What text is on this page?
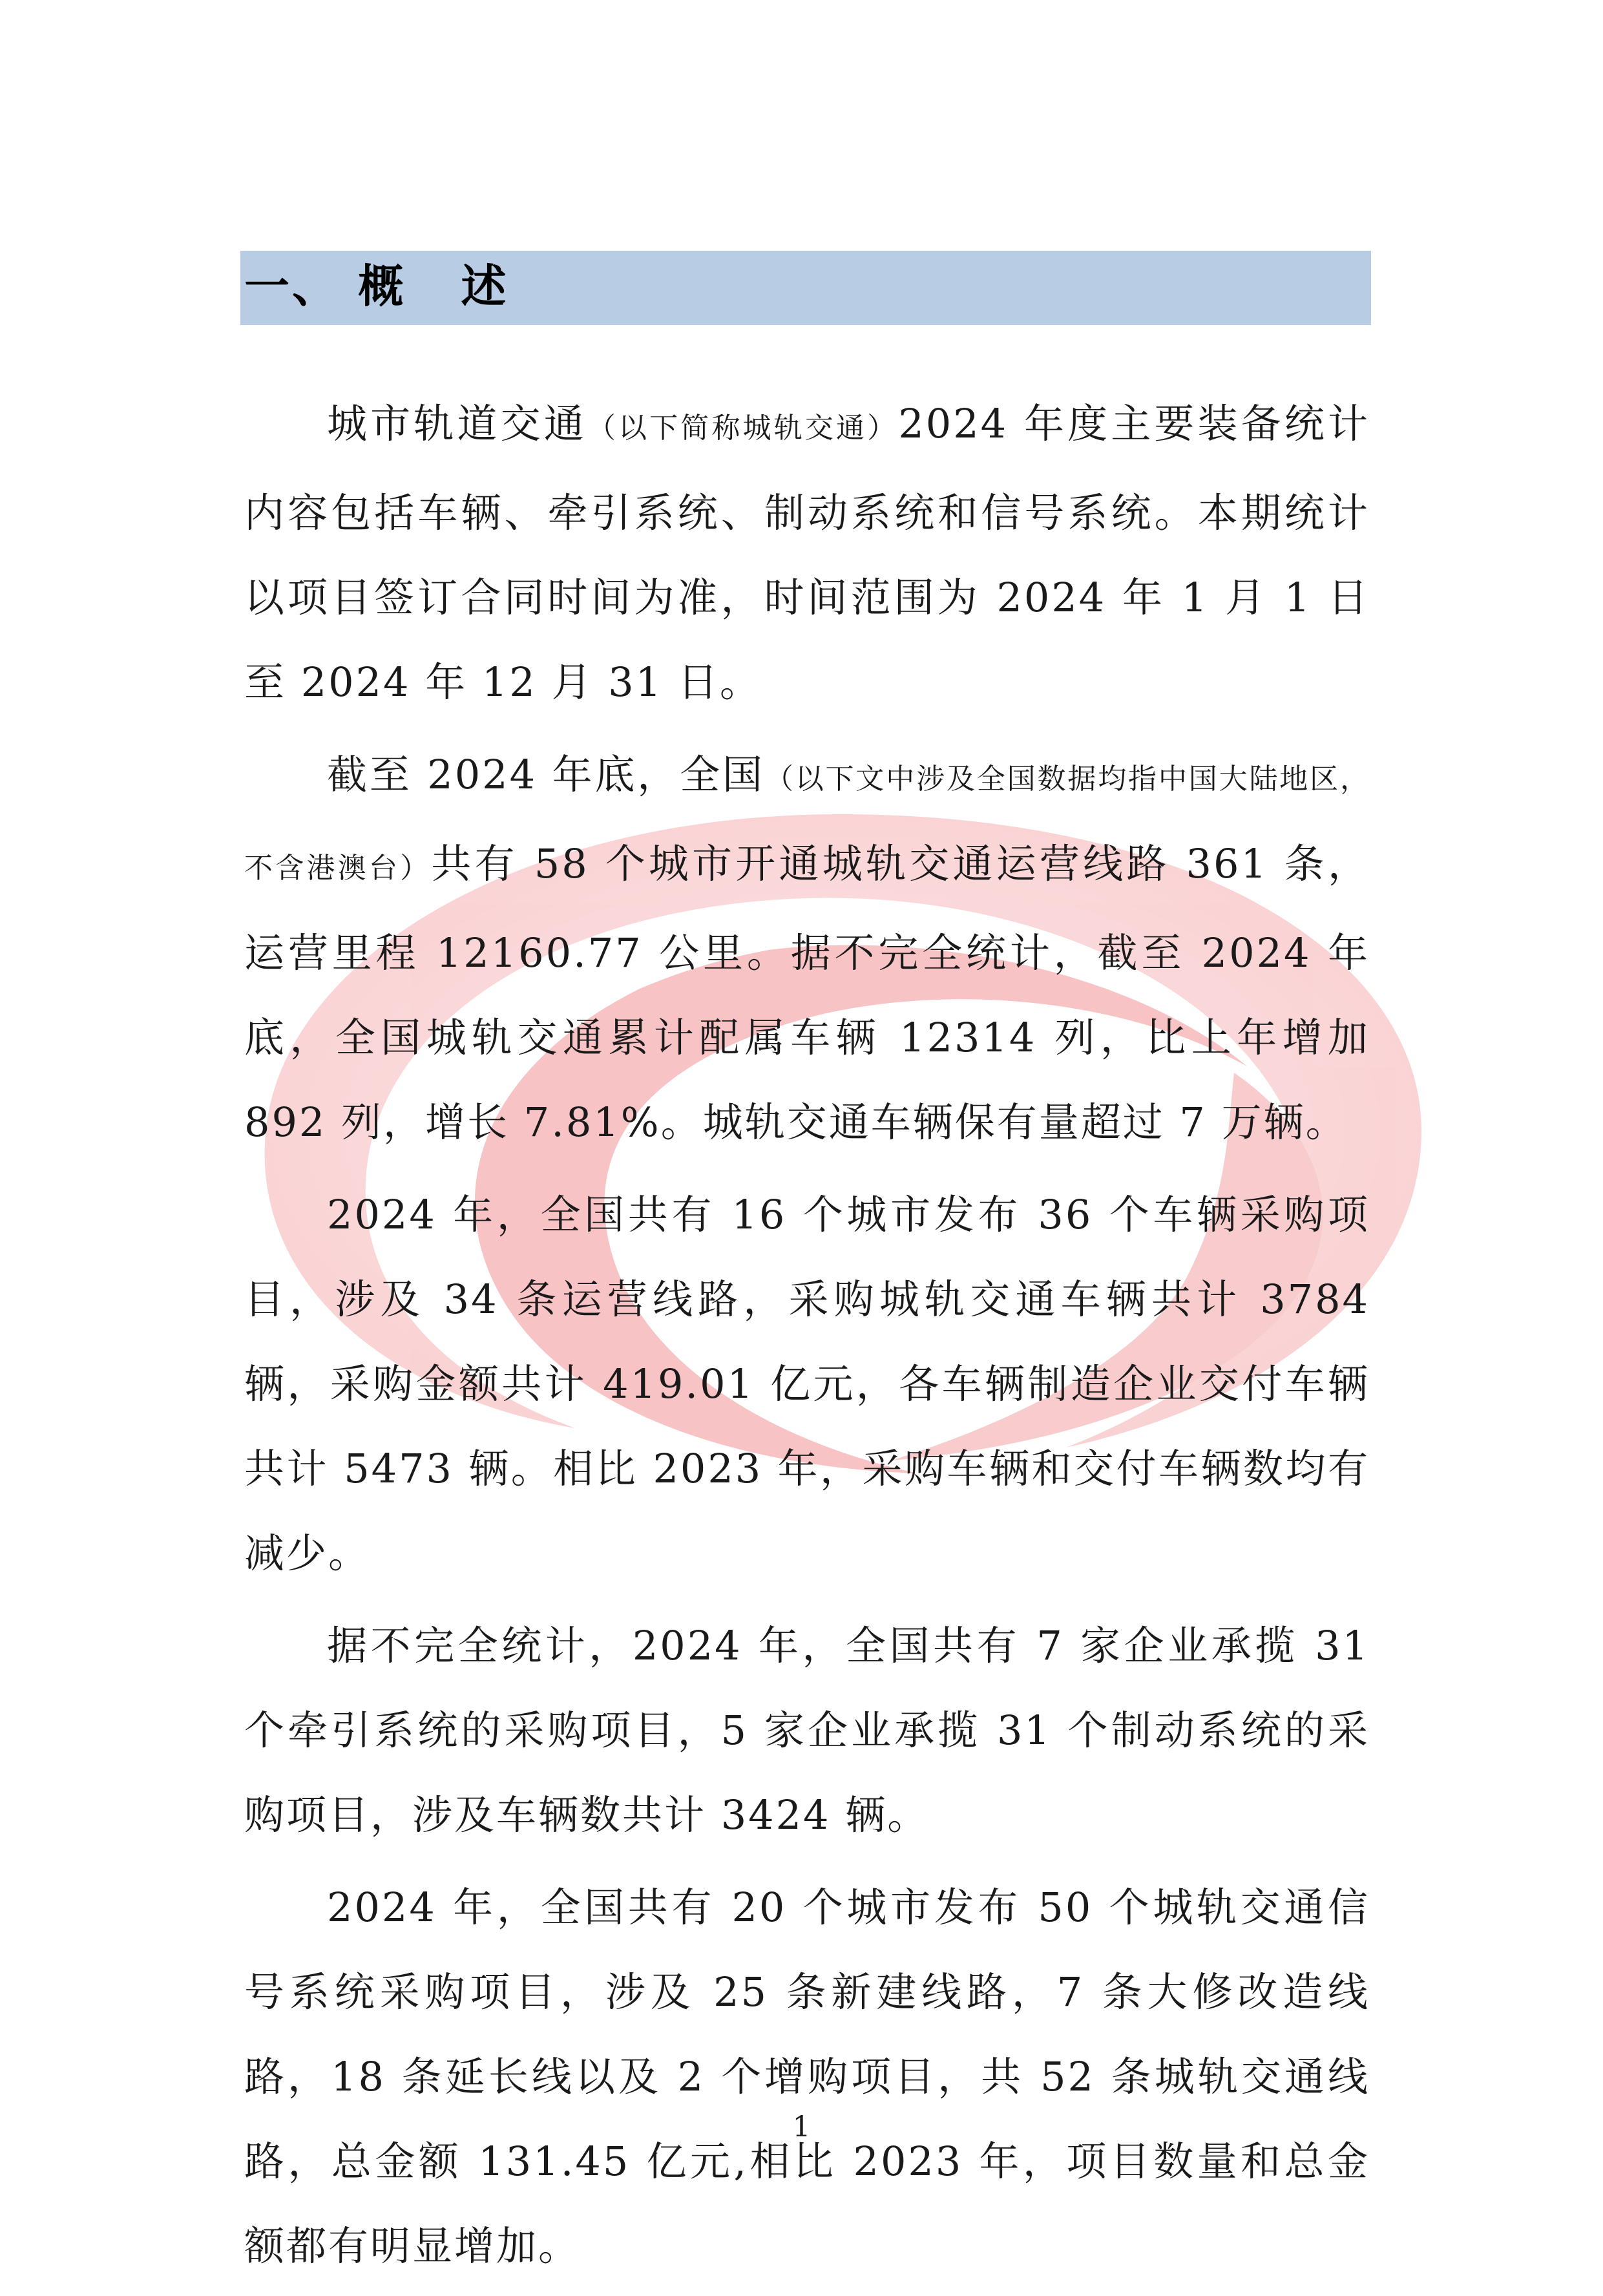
一、 概   述

城市轨道交通（以下简称城轨交通）2024 年度主要装备统计内容包括车辆、牵引系统、制动系统和信号系统。本期统计以项目签订合同时间为准，时间范围为 2024 年 1 月 1 日至 2024 年 12 月 31 日。

截至 2024 年底，全国（以下文中涉及全国数据均指中国大陆地区，不含港澳台）共有 58 个城市开通城轨交通运营线路 361 条，运营里程 12160.77 公里。据不完全统计，截至 2024 年底，全国城轨交通累计配属车辆 12314 列，比上年增加 892 列，增长 7.81%。城轨交通车辆保有量超过 7 万辆。

2024 年，全国共有 16 个城市发布 36 个车辆采购项目，涉及 34 条运营线路，采购城轨交通车辆共计 3784 辆，采购金额共计 419.01 亿元，各车辆制造企业交付车辆共计 5473 辆。相比 2023 年，采购车辆和交付车辆数均有减少。

据不完全统计，2024 年，全国共有 7 家企业承揽 31 个牵引系统的采购项目，5 家企业承揽 31 个制动系统的采购项目，涉及车辆数共计 3424 辆。

2024 年，全国共有 20 个城市发布 50 个城轨交通信号系统采购项目，涉及 25 条新建线路，7 条大修改造线路，18 条延长线以及 2 个增购项目，共 52 条城轨交通线路，总金额 131.45 亿元,相比 2023 年，项目数量和总金额都有明显增加。

1
